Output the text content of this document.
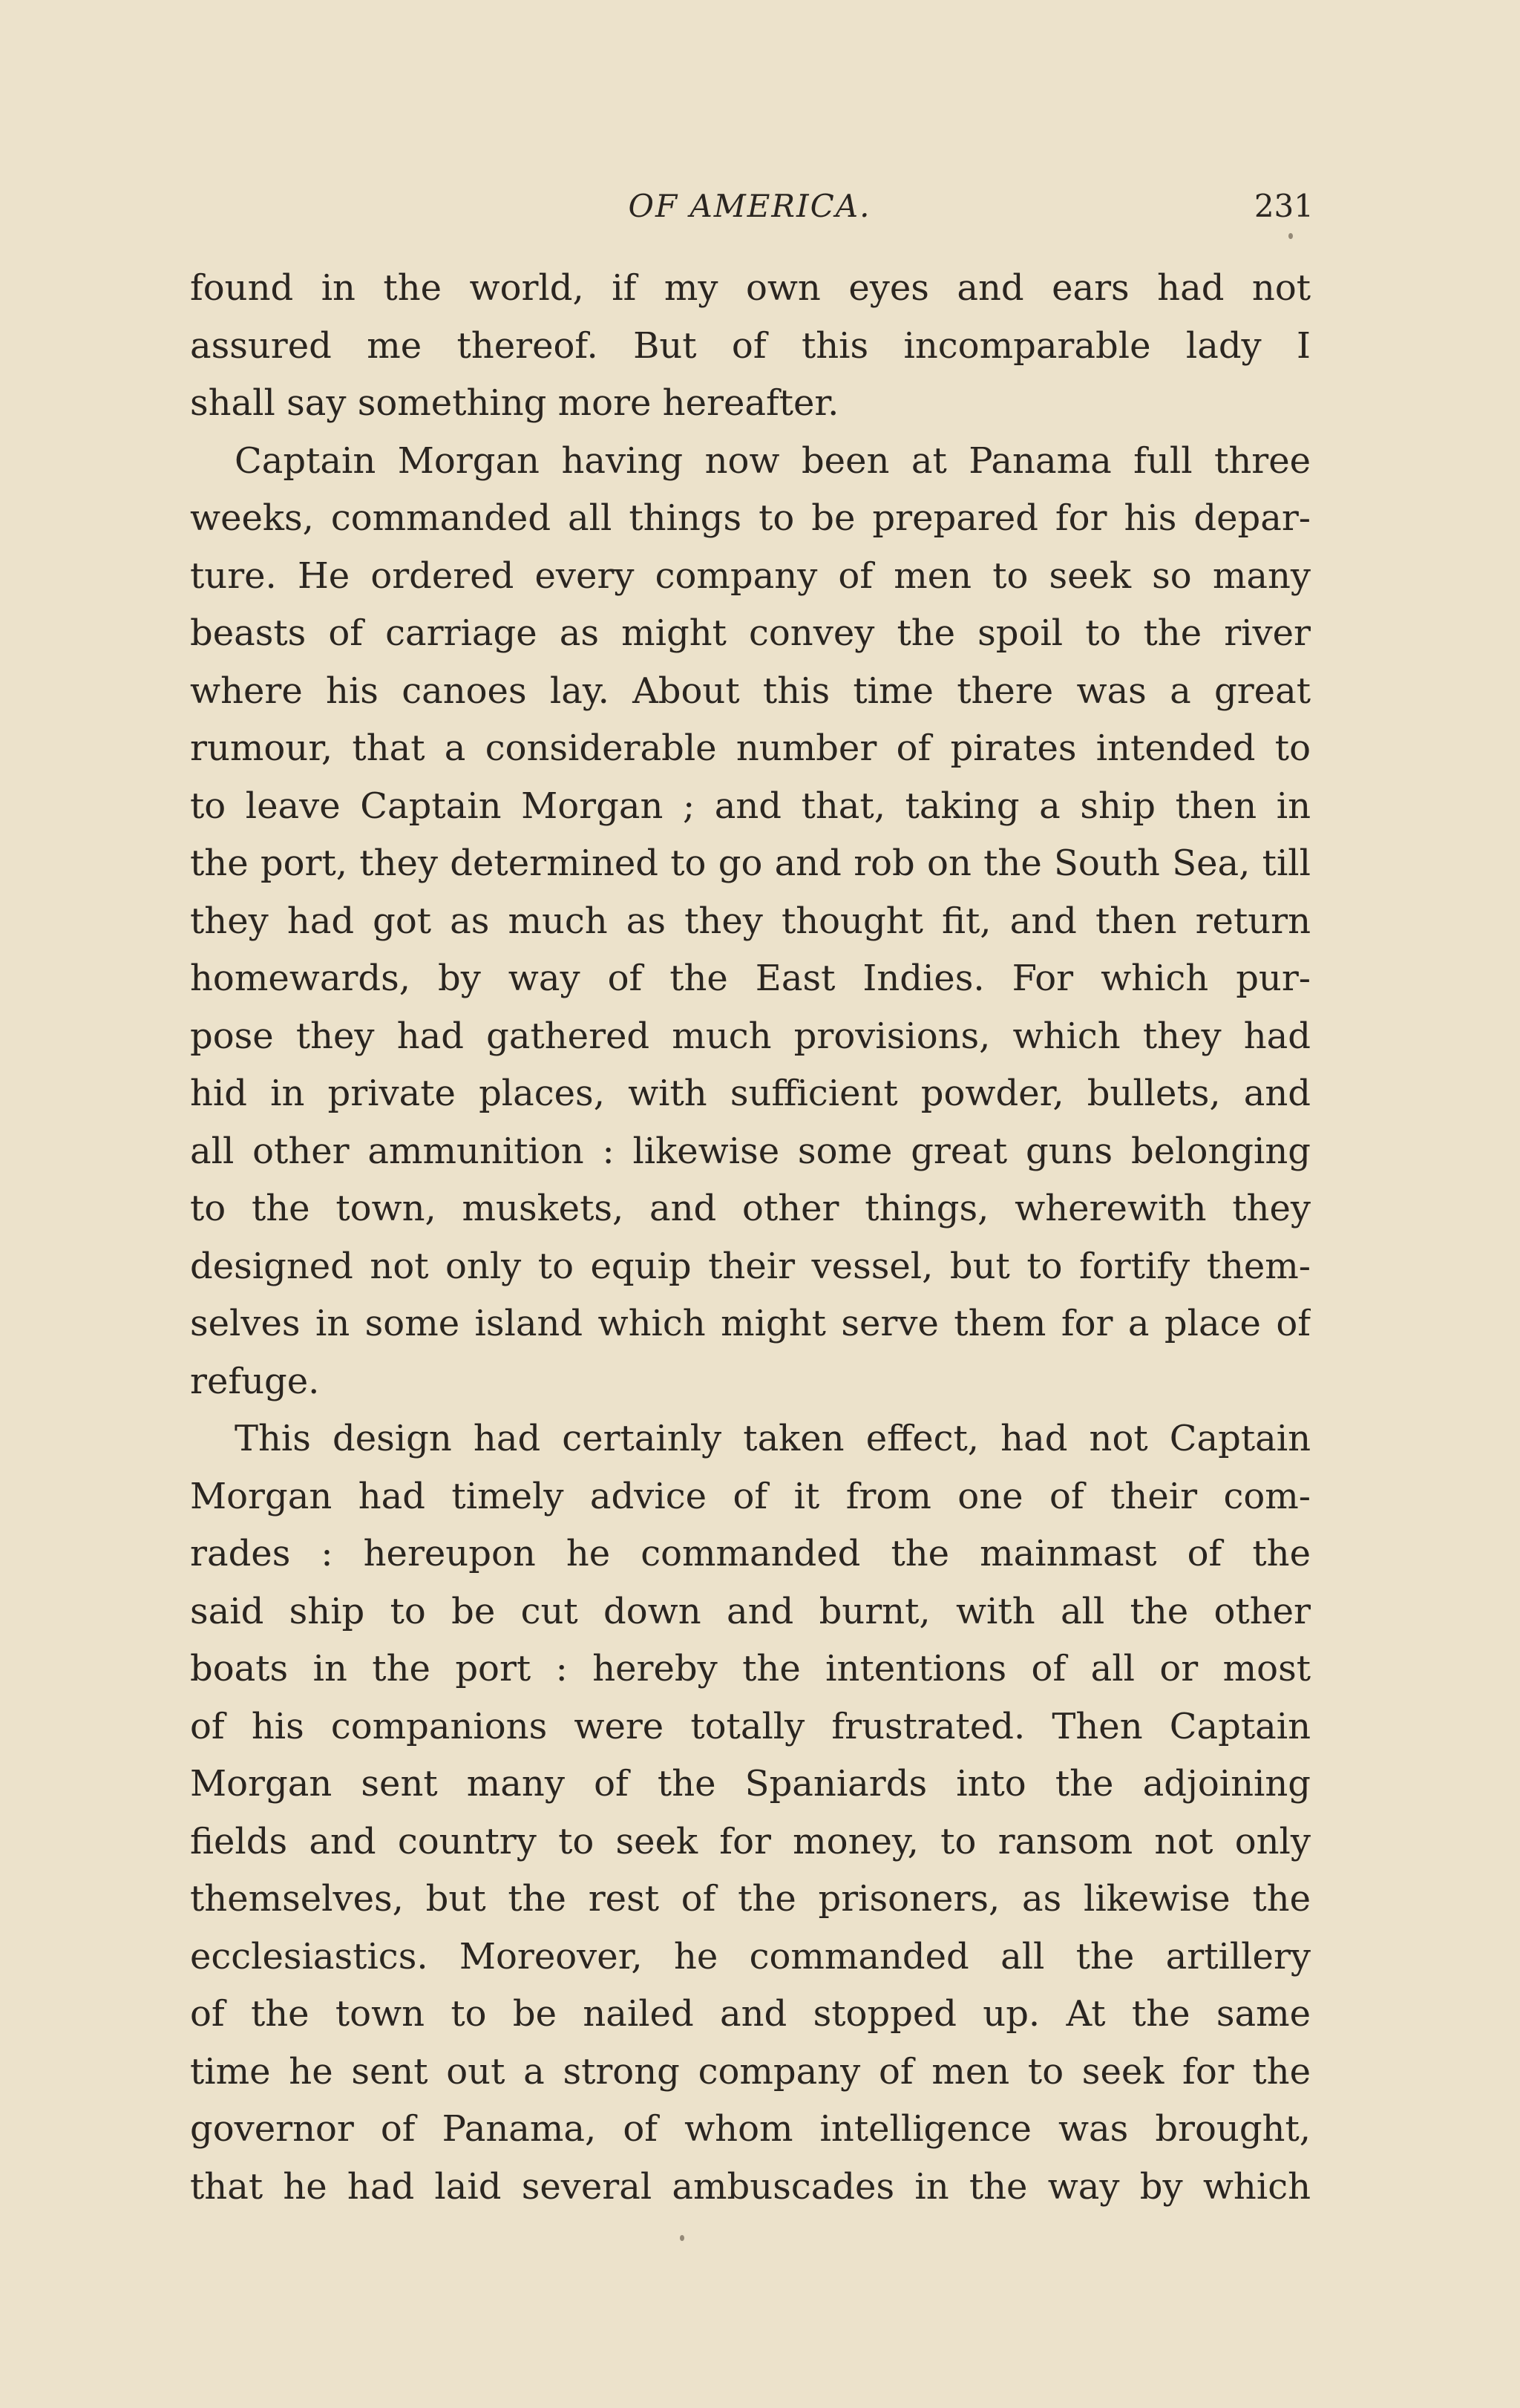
OF AMERICA.	231
found in the world, if my own eyes and ears had not
assured me thereof. But of this incomparable lady I
shall say something more hereafter.
Captain Morgan having now been at Panama full three
weeks, commanded all things to be prepared for his depar-
ture. He ordered every company of men to seek so many
beasts of carriage as might convey the spoil to the river
where his canoes lay. About this time there was a great
rumour, that a considerable number of pirates intended to
to leave Captain Morgan ; and that, taking a ship then in
the port, they determined to go and rob on the South Sea, till
they had got as much as they thought fit, and then return
homewards, by way of the East Indies. For which pur-
pose they had gathered much provisions, which they had
hid in private places, with sufficient powder, bullets, and
all other ammunition : likewise some great guns belonging
to the town, muskets, and other things, wherewith they
designed not only to equip their vessel, but to fortify them-
selves in some island which might serve them for a place of
refuge.
This design had certainly taken effect, had not Captain
Morgan had timely advice of it from one of their com-
rades : hereupon he commanded the mainmast of the
said ship to be cut down and burnt, with all the other
boats in the port : hereby the intentions of all or most
of his companions were totally frustrated. Then Captain
Morgan sent many of the Spaniards into the adjoining
fields and country to seek for money, to ransom not only
themselves, but the rest of the prisoners, as likewise the
ecclesiastics. Moreover, he commanded all the artillery
of the town to be nailed and stopped up. At the same
time he sent out a strong company of men to seek for the
governor of Panama, of whom intelligence was brought,
that he had laid several ambuscades in the way by which
